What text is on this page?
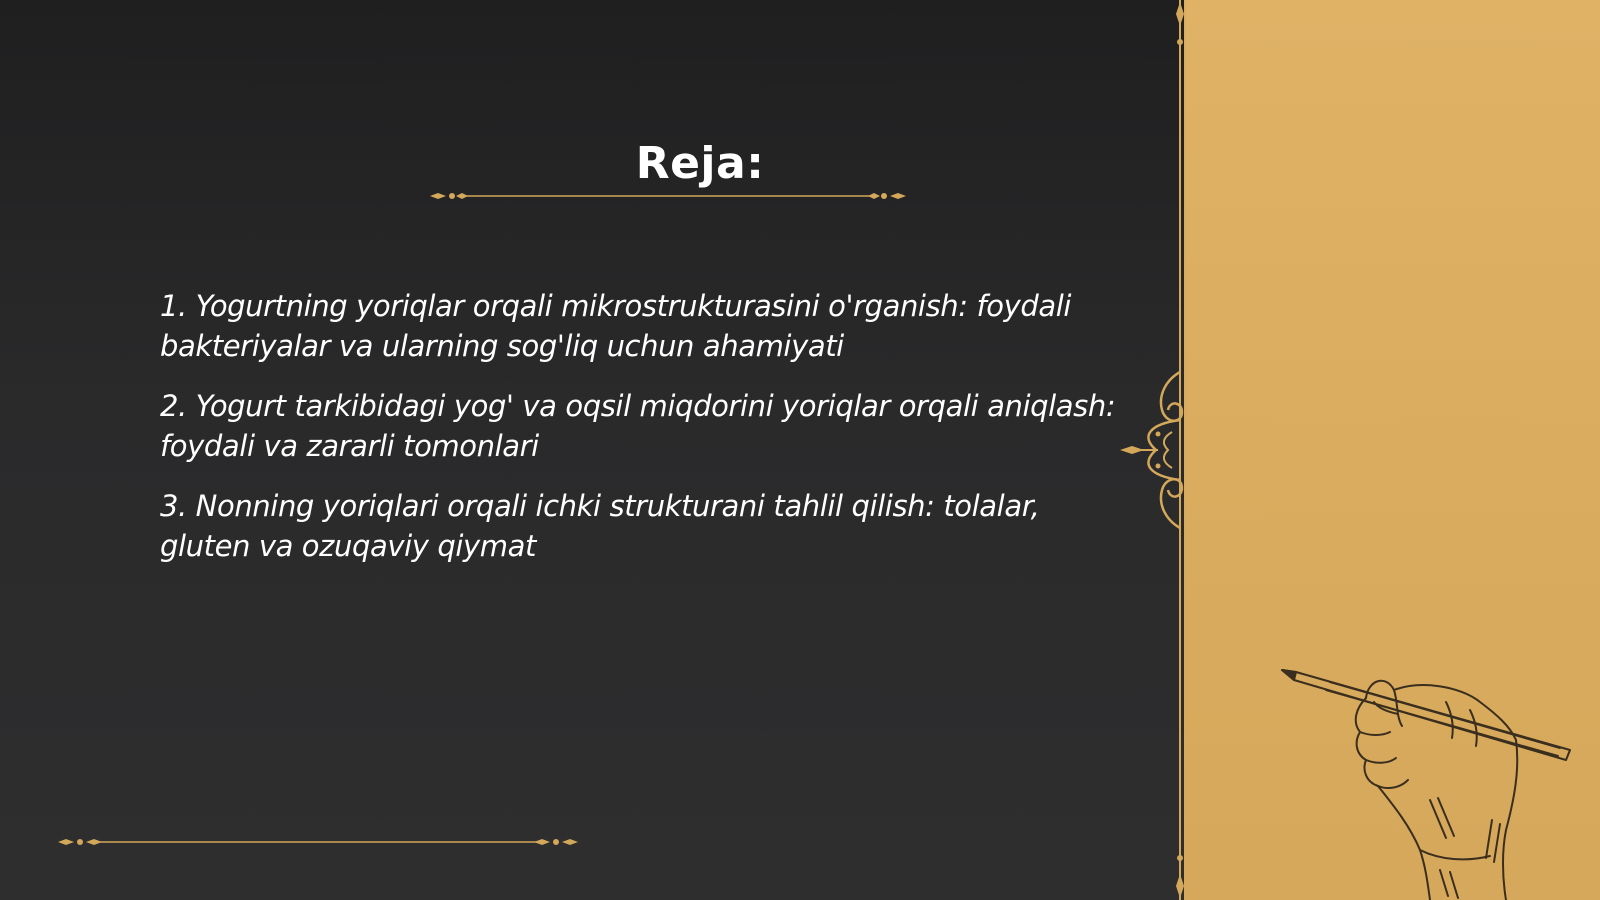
Reja:
1. Yogurtning yoriqlar orqali mikrostrukturasini o'rganish: foydali bakteriyalar va ularning sog'liq uchun ahamiyati
2. Yogurt tarkibidagi yog' va oqsil miqdorini yoriqlar orqali aniqlash: foydali va zararli tomonlari
3. Nonning yoriqlari orqali ichki strukturani tahlil qilish: tolalar, gluten va ozuqaviy qiymat
